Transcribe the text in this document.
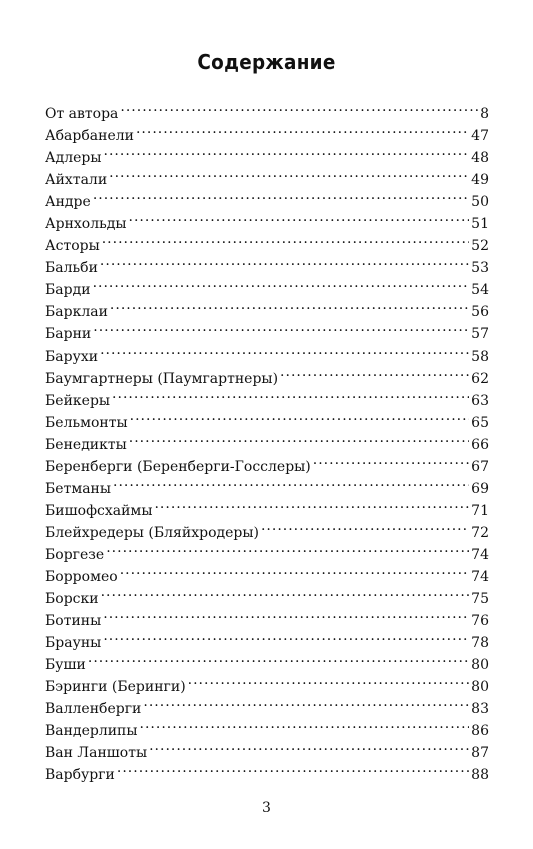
Содержание
От автора .....	8
Абарбанели .....	47
Адлеры .....	48
Айхтали .....	49
Андре .....	50
Арнхольды .....	51
Асторы .....	52
Бальби .....	53
Барди .....	54
Барклаи .....	56
Барни .....	57
Барухи .....	58
Баумгартнеры (Паумгартнеры) .....	62
Бейкеры .....	63
Бельмонты .....	65
Бенедикты .....	66
Беренберги (Беренберги-Госслеры) .....	67
Бетманы .....	69
Бишофсхаймы .....	71
Блейхредеры (Бляйхродеры) .....	72
Боргезе .....	74
Борромео .....	74
Борски .....	75
Ботины .....	76
Брауны .....	78
Буши .....	80
Бэринги (Беринги) .....	80
Валленберги .....	83
Вандерлипы .....	86
Ван Ланшоты .....	87
Варбурги .....	88
3
